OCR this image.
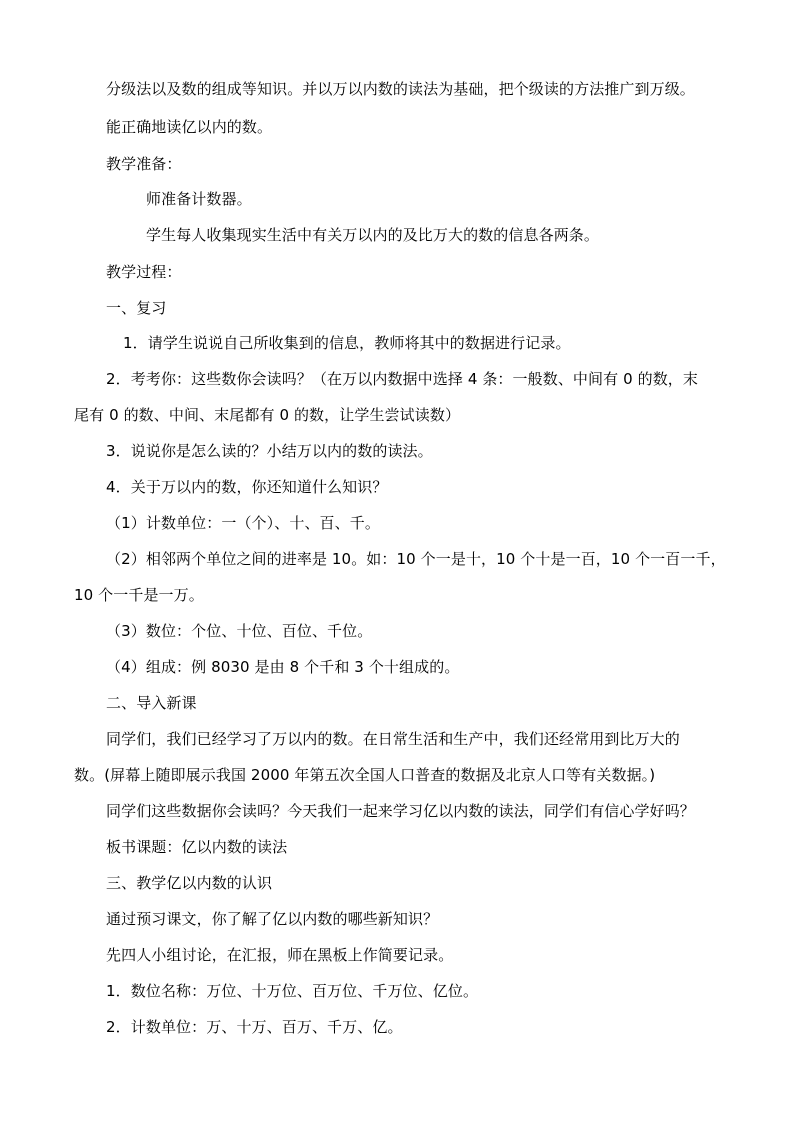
分级法以及数的组成等知识。并以万以内数的读法为基础，把个级读的方法推广到万级。
能正确地读亿以内的数。
教学准备：
师准备计数器。
学生每人收集现实生活中有关万以内的及比万大的数的信息各两条。
教学过程：
一、复习
1．请学生说说自己所收集到的信息，教师将其中的数据进行记录。
2．考考你：这些数你会读吗？（在万以内数据中选择 4 条：一般数、中间有 0 的数，末
尾有 0 的数、中间、末尾都有 0 的数，让学生尝试读数）
3．说说你是怎么读的？小结万以内的数的读法。
4．关于万以内的数，你还知道什么知识？
（1）计数单位：一（个）、十、百、千。
（2）相邻两个单位之间的进率是 10。如：10 个一是十，10 个十是一百，10 个一百一千，
10 个一千是一万。
（3）数位：个位、十位、百位、千位。
（4）组成：例 8030 是由 8 个千和 3 个十组成的。
二、导入新课
同学们，我们已经学习了万以内的数。在日常生活和生产中，我们还经常用到比万大的
数。(屏幕上随即展示我国 2000 年第五次全国人口普查的数据及北京人口等有关数据。)
同学们这些数据你会读吗？今天我们一起来学习亿以内数的读法，同学们有信心学好吗？
板书课题：亿以内数的读法
三、教学亿以内数的认识
通过预习课文，你了解了亿以内数的哪些新知识？
先四人小组讨论，在汇报，师在黑板上作简要记录。
1．数位名称：万位、十万位、百万位、千万位、亿位。
2．计数单位：万、十万、百万、千万、亿。
